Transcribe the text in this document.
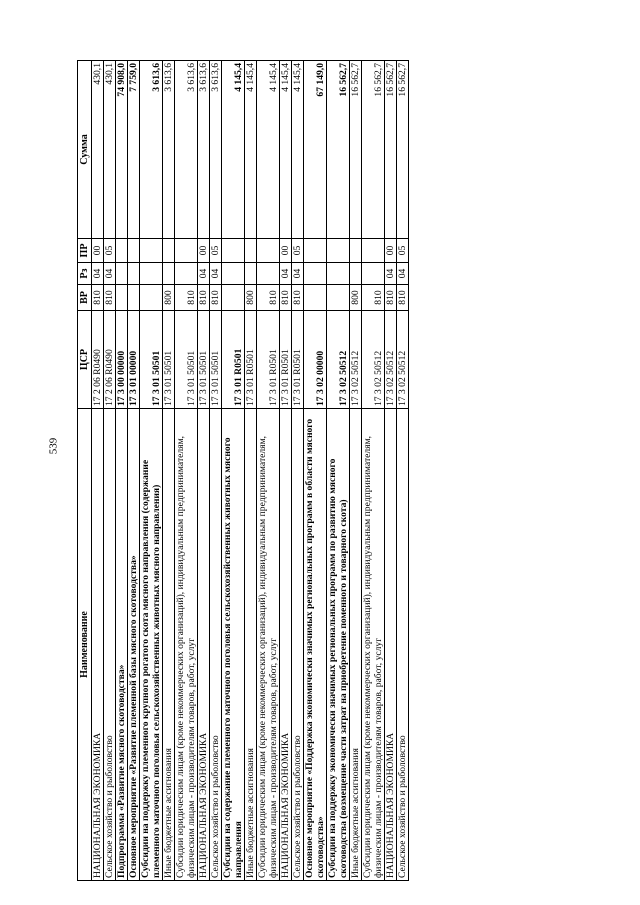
539
Наименование	ЦСР	ВР	Рз	ПР	Сумма
НАЦИОНАЛЬНАЯ ЭКОНОМИКА	17 2 06 R0490	810	04	00	430,1
Сельское хозяйство и рыболовство	17 2 06 R0490	810	04	05	430,1
Подпрограмма «Развитие мясного скотоводства»	17 3 00 00000				74 908,0
Основное мероприятие «Развитие племенной базы мясного скотоводства»	17 3 01 00000				7 759,0
Субсидии на поддержку племенного крупного рогатого скота мясного направления (содержание племенного маточного поголовья сельскохозяйственных животных мясного направления)	17 3 01 50501				3 613,6
Иные бюджетные ассигнования	17 3 01 50501	800			3 613,6
Субсидии юридическим лицам (кроме некоммерческих организаций), индивидуальным предпринимателям, физическим лицам - производителям товаров, работ, услуг	17 3 01 50501	810			3 613,6
НАЦИОНАЛЬНАЯ ЭКОНОМИКА	17 3 01 50501	810	04	00	3 613,6
Сельское хозяйство и рыболовство	17 3 01 50501	810	04	05	3 613,6
Субсидии на содержание племенного маточного поголовья сельскохозяйственных животных мясного направления	17 3 01 R0501				4 145,4
Иные бюджетные ассигнования	17 3 01 R0501	800			4 145,4
Субсидии юридическим лицам (кроме некоммерческих организаций), индивидуальным предпринимателям, физическим лицам - производителям товаров, работ, услуг	17 3 01 R0501	810			4 145,4
НАЦИОНАЛЬНАЯ ЭКОНОМИКА	17 3 01 R0501	810	04	00	4 145,4
Сельское хозяйство и рыболовство	17 3 01 R0501	810	04	05	4 145,4
Основное мероприятие «Поддержка экономически значимых региональных программ в области мясного скотоводства»	17 3 02 00000				67 149,0
Субсидии на поддержку экономически значимых региональных программ по развитию мясного скотоводства (возмещение части затрат на приобретение поменного и товарного скота)	17 3 02 50512				16 562,7
Иные бюджетные ассигнования	17 3 02 50512	800			16 562,7
Субсидии юридическим лицам (кроме некоммерческих организаций), индивидуальным предпринимателям, физическим лицам - производителям товаров, работ, услуг	17 3 02 50512	810			16 562,7
НАЦИОНАЛЬНАЯ ЭКОНОМИКА	17 3 02 50512	810	04	00	16 562,7
Сельское хозяйство и рыболовство	17 3 02 50512	810	04	05	16 562,7
